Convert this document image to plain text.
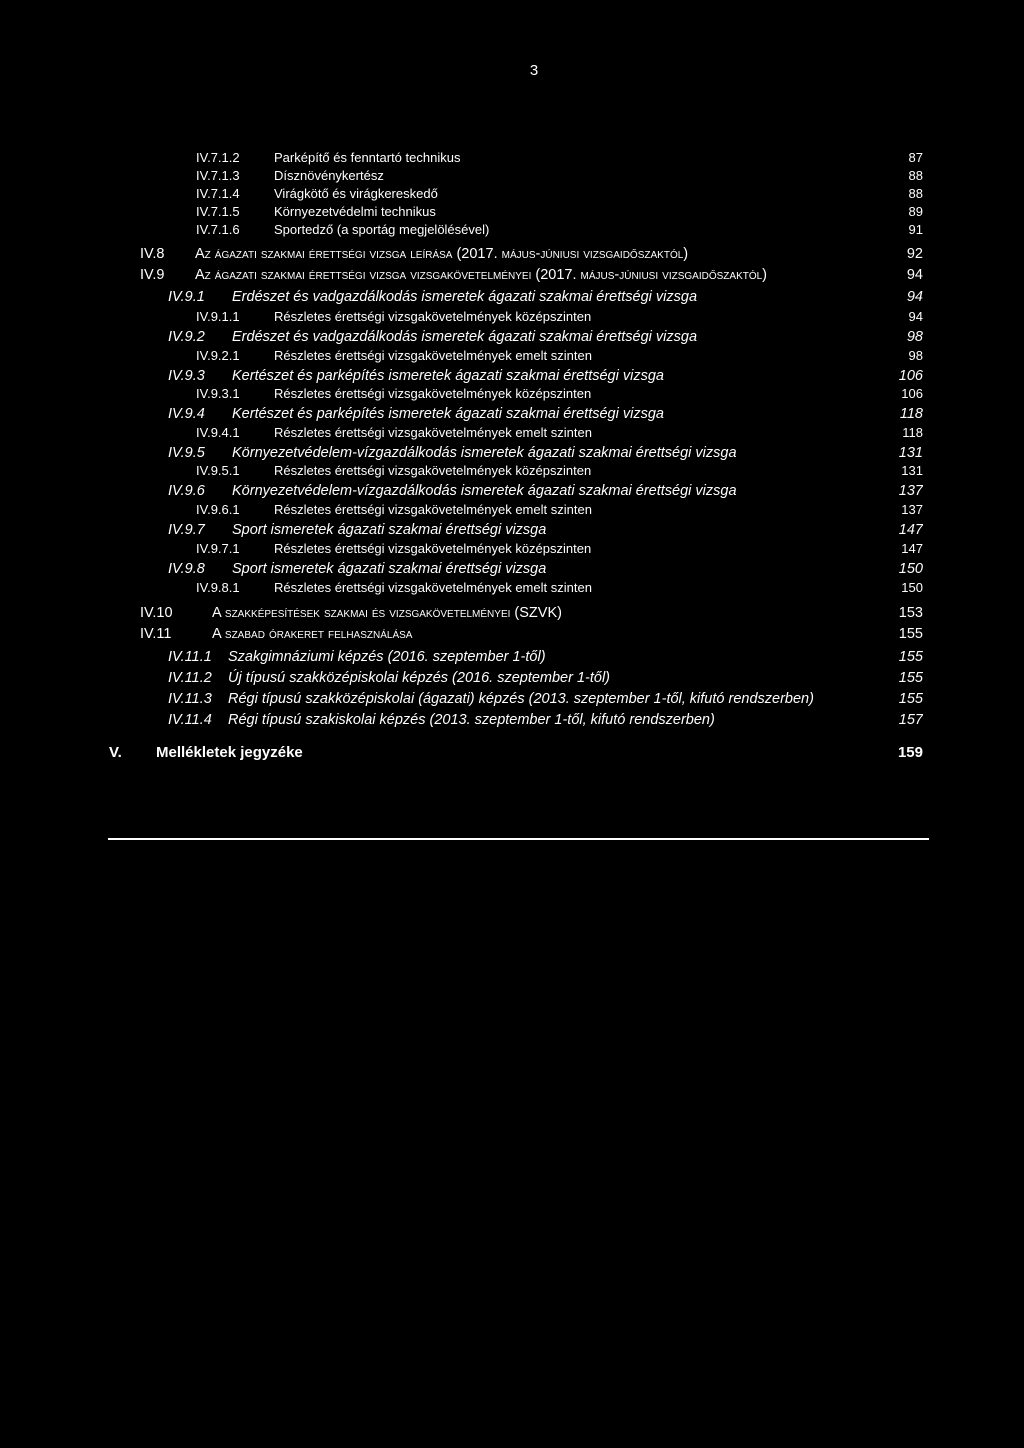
3
IV.7.1.2	Parképítő és fenntartó technikus	87
IV.7.1.3	Dísznövénykertész	88
IV.7.1.4	Virágkötő és virágkereskedő	88
IV.7.1.5	Környezetvédelmi technikus	89
IV.7.1.6	Sportedző (a sportág megjelölésével)	91
IV.8	Az ágazati szakmai érettségi vizsga leírása (2017. május-júniusi vizsgaidőszaktól)	92
IV.9	Az ágazati szakmai érettségi vizsga vizsgakövetelményei (2017. május-júniusi vizsgaidőszaktól)	94
IV.9.1	Erdészet és vadgazdálkodás ismeretek ágazati szakmai érettségi vizsga	94
IV.9.1.1	Részletes érettségi vizsgakövetelmények középszinten	94
IV.9.2	Erdészet és vadgazdálkodás ismeretek ágazati szakmai érettségi vizsga	98
IV.9.2.1	Részletes érettségi vizsgakövetelmények emelt szinten	98
IV.9.3	Kertészet és parképítés ismeretek ágazati szakmai érettségi vizsga	106
IV.9.3.1	Részletes érettségi vizsgakövetelmények középszinten	106
IV.9.4	Kertészet és parképítés ismeretek ágazati szakmai érettségi vizsga	118
IV.9.4.1	Részletes érettségi vizsgakövetelmények emelt szinten	118
IV.9.5	Környezetvédelem-vízgazdálkodás ismeretek ágazati szakmai érettségi vizsga	131
IV.9.5.1	Részletes érettségi vizsgakövetelmények középszinten	131
IV.9.6	Környezetvédelem-vízgazdálkodás ismeretek ágazati szakmai érettségi vizsga	137
IV.9.6.1	Részletes érettségi vizsgakövetelmények emelt szinten	137
IV.9.7	Sport ismeretek ágazati szakmai érettségi vizsga	147
IV.9.7.1	Részletes érettségi vizsgakövetelmények középszinten	147
IV.9.8	Sport ismeretek ágazati szakmai érettségi vizsga	150
IV.9.8.1	Részletes érettségi vizsgakövetelmények emelt szinten	150
IV.10	A szakképesítések szakmai és vizsgakövetelményei (SZVK)	153
IV.11	A szabad órakeret felhasználása	155
IV.11.1	Szakgimnáziumi képzés (2016. szeptember 1-től)	155
IV.11.2	Új típusú szakközépiskolai képzés (2016. szeptember 1-től)	155
IV.11.3	Régi típusú szakközépiskolai (ágazati) képzés (2013. szeptember 1-től, kifutó rendszerben)	155
IV.11.4	Régi típusú szakiskolai képzés (2013. szeptember 1-től, kifutó rendszerben)	157
V.	Mellékletek jegyzéke	159
